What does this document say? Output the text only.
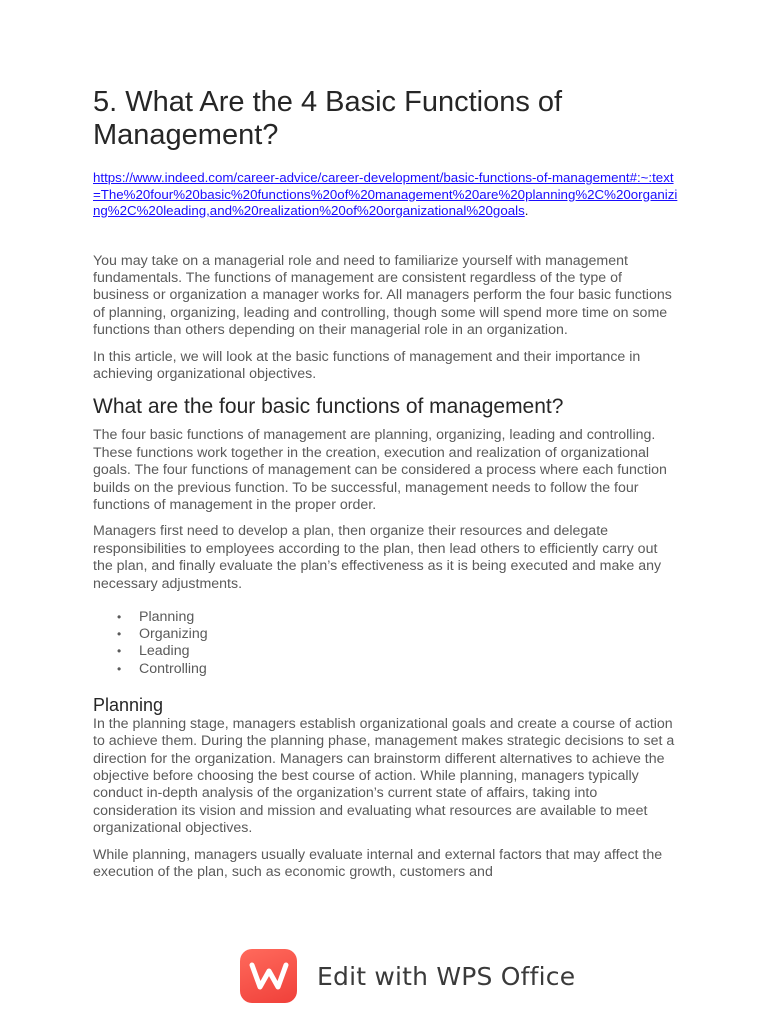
5. What Are the 4 Basic Functions of Management?
https://www.indeed.com/career-advice/career-development/basic-functions-of-management#:~:text=The%20four%20basic%20functions%20of%20management%20are%20planning%2C%20organizing%2C%20leading,and%20realization%20of%20organizational%20goals.

You may take on a managerial role and need to familiarize yourself with management fundamentals. The functions of management are consistent regardless of the type of business or organization a manager works for. All managers perform the four basic functions of planning, organizing, leading and controlling, though some will spend more time on some functions than others depending on their managerial role in an organization.

In this article, we will look at the basic functions of management and their importance in achieving organizational objectives.

What are the four basic functions of management?

The four basic functions of management are planning, organizing, leading and controlling. These functions work together in the creation, execution and realization of organizational goals. The four functions of management can be considered a process where each function builds on the previous function. To be successful, management needs to follow the four functions of management in the proper order.

Managers first need to develop a plan, then organize their resources and delegate responsibilities to employees according to the plan, then lead others to efficiently carry out the plan, and finally evaluate the plan’s effectiveness as it is being executed and make any necessary adjustments.

• Planning
• Organizing
• Leading
• Controlling
Planning

In the planning stage, managers establish organizational goals and create a course of action to achieve them. During the planning phase, management makes strategic decisions to set a direction for the organization. Managers can brainstorm different alternatives to achieve the objective before choosing the best course of action. While planning, managers typically conduct in-depth analysis of the organization’s current state of affairs, taking into consideration its vision and mission and evaluating what resources are available to meet organizational objectives.

While planning, managers usually evaluate internal and external factors that may affect the execution of the plan, such as economic growth, customers and

Edit with WPS Office
